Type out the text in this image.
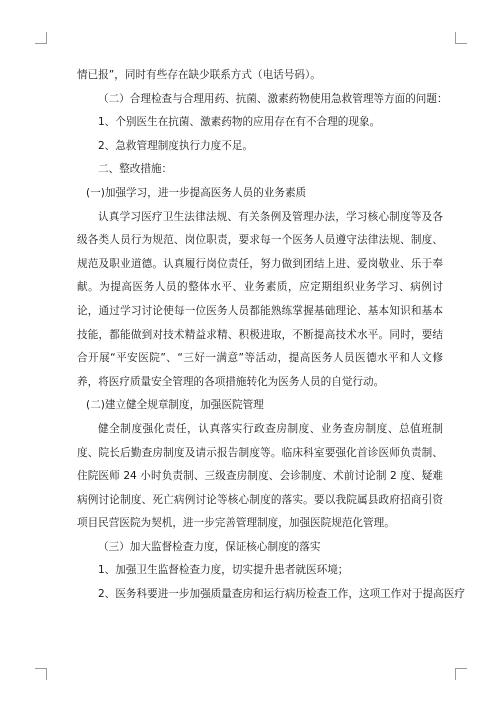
情已报”，同时有些存在缺少联系方式（电话号码）。

（二）合理检查与合理用药、抗菌、激素药物使用急救管理等方面的问题：

1、个别医生在抗菌、激素药物的应用存在有不合理的现象。

2、急救管理制度执行力度不足。

二、整改措施：

(一)加强学习，进一步提高医务人员的业务素质

认真学习医疗卫生法律法规、有关条例及管理办法，学习核心制度等及各级各类人员行为规范、岗位职责，要求每一个医务人员遵守法律法规、制度、规范及职业道德。认真履行岗位责任，努力做到团结上进、爱岗敬业、乐于奉献。为提高医务人员的整体水平、业务素质，应定期组织业务学习、病例讨论，通过学习讨论使每一位医务人员都能熟练掌握基础理论、基本知识和基本技能，都能做到对技术精益求精、积极进取，不断提高技术水平。同时，要结合开展“平安医院”、“三好一满意”等活动，提高医务人员医德水平和人文修养，将医疗质量安全管理的各项措施转化为医务人员的自觉行动。

(二)建立健全规章制度，加强医院管理

健全制度强化责任，认真落实行政查房制度、业务查房制度、总值班制度、院长后勤查房制度及请示报告制度等。临床科室要强化首诊医师负责制、住院医师 24 小时负责制、三级查房制度、会诊制度、术前讨论制 2 度、疑难病例讨论制度、死亡病例讨论等核心制度的落实。要以我院属县政府招商引资项目民营医院为契机，进一步完善管理制度，加强医院规范化管理。

（三）加大监督检查力度，保证核心制度的落实

1、加强卫生监督检查力度，切实提升患者就医环境；

2、医务科要进一步加强质量查房和运行病历检查工作，这项工作对于提高医疗
